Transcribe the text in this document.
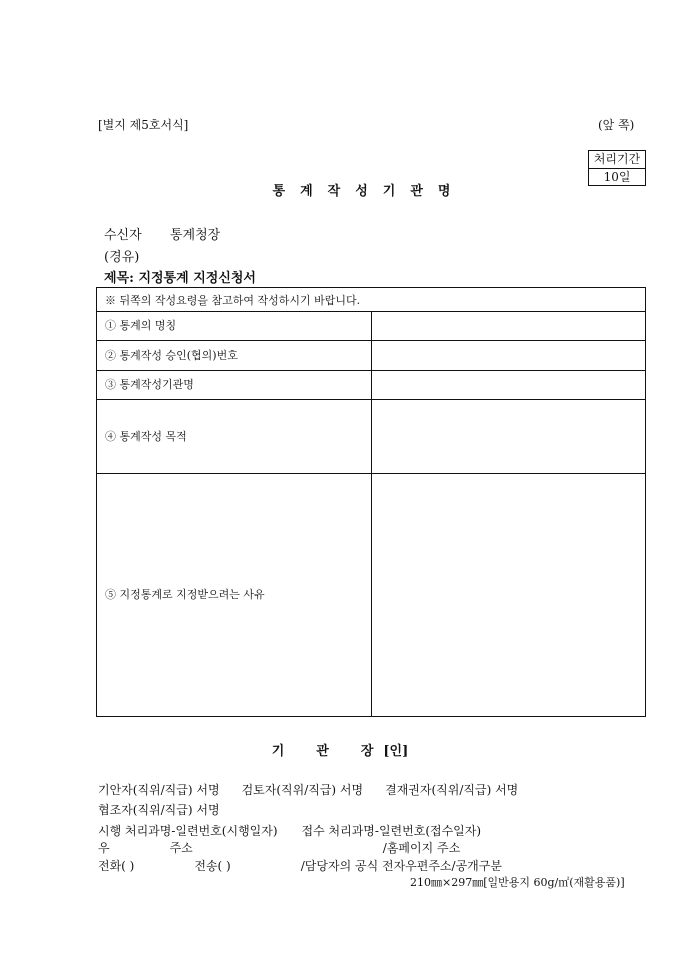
[별지 제5호서식]	(앞 쪽)
처리기간
10일
통계작성기관명
수신자 통계청장
(경유)
제목: 지정통계 지정신청서
※ 뒤쪽의 작성요령을 참고하여 작성하시기 바랍니다.	
① 통계의 명칭	
② 통계작성 승인(협의)번호	
③ 통계작성기관명	
④ 통계작성 목적	
⑤ 지정통계로 지정받으려는 사유	
기 관 장 [인]
기안자(직위/직급) 서명 검토자(직위/직급) 서명 결재권자(직위/직급) 서명
협조자(직위/직급) 서명
시행 처리과명-일련번호(시행일자) 접수 처리과명-일련번호(접수일자)
우	주소	/홈페이지 주소
전화( )	전송( )	/담당자의 공식 전자우편주소/공개구분
210㎜×297㎜[일반용지 60g/㎡(재활용품)]
